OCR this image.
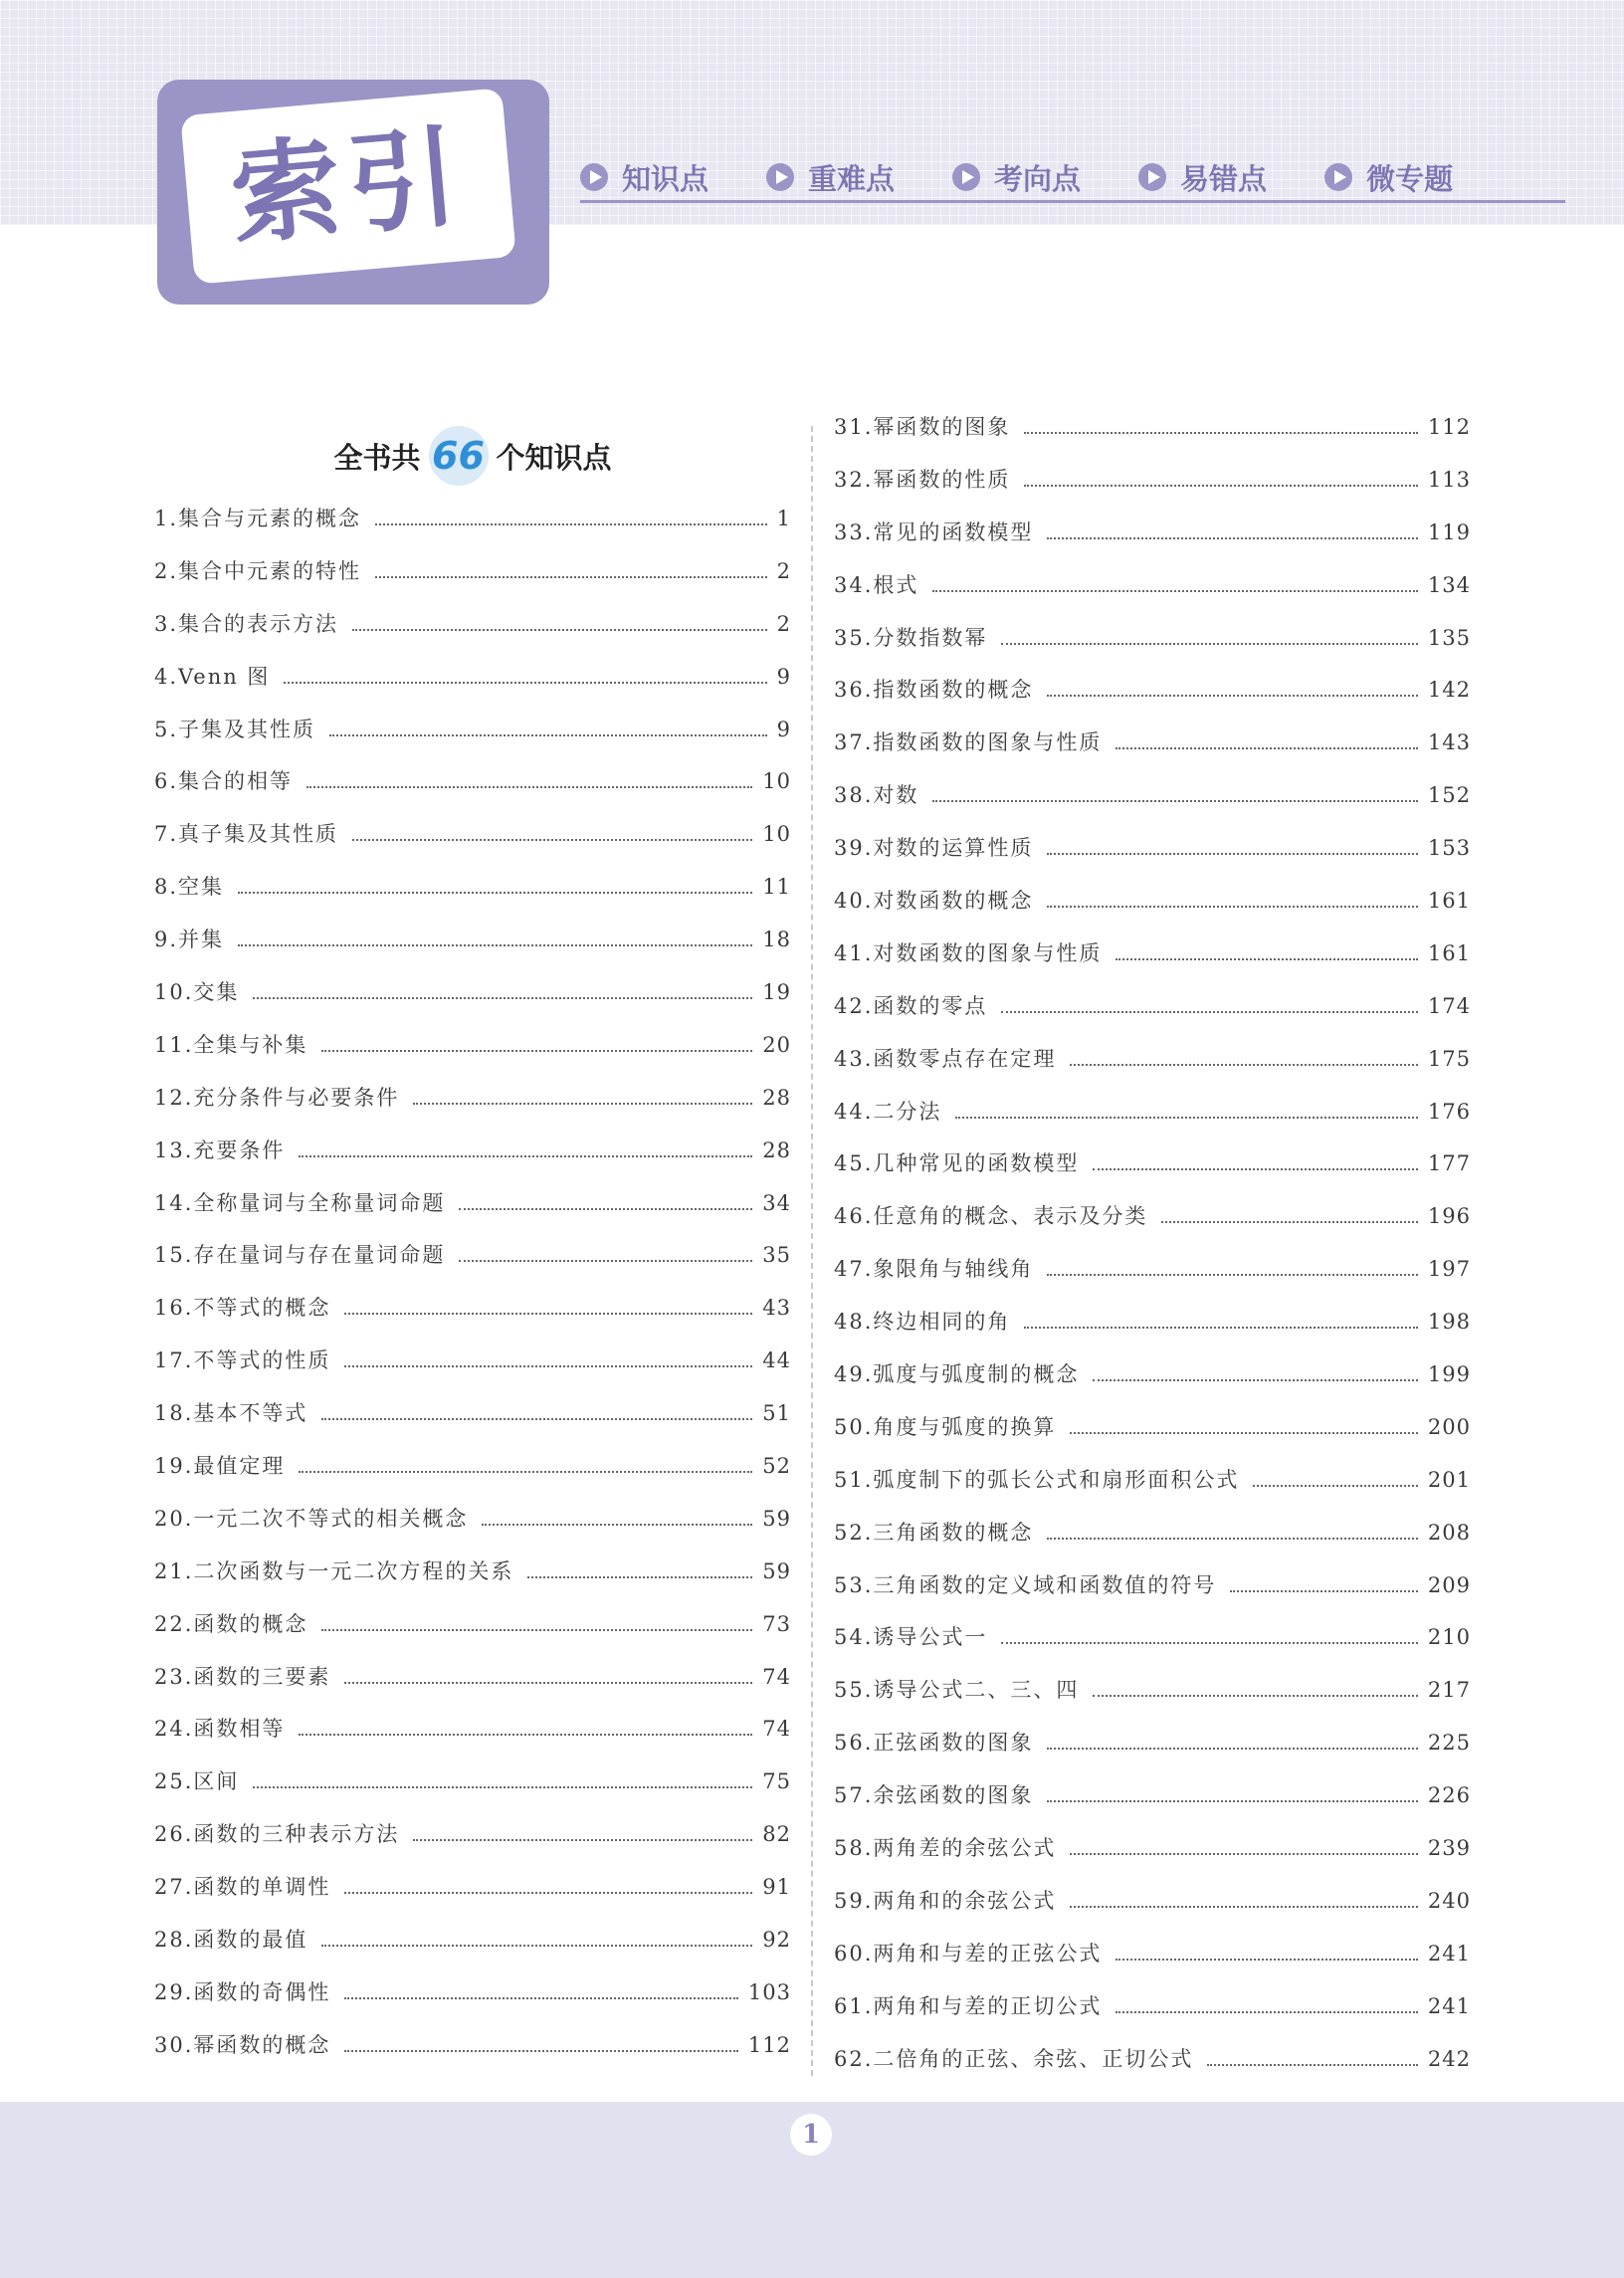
索引	知识点	重难点	考向点	易错点	微专题
全书共 66 个知识点
1.集合与元素的概念	1
2.集合中元素的特性	2
3.集合的表示方法	2
4.Venn 图	9
5.子集及其性质	9
6.集合的相等	10
7.真子集及其性质	10
8.空集	11
9.并集	18
10.交集	19
11.全集与补集	20
12.充分条件与必要条件	28
13.充要条件	28
14.全称量词与全称量词命题	34
15.存在量词与存在量词命题	35
16.不等式的概念	43
17.不等式的性质	44
18.基本不等式	51
19.最值定理	52
20.一元二次不等式的相关概念	59
21.二次函数与一元二次方程的关系	59
22.函数的概念	73
23.函数的三要素	74
24.函数相等	74
25.区间	75
26.函数的三种表示方法	82
27.函数的单调性	91
28.函数的最值	92
29.函数的奇偶性	103
30.幂函数的概念	112
31.幂函数的图象	112
32.幂函数的性质	113
33.常见的函数模型	119
34.根式	134
35.分数指数幂	135
36.指数函数的概念	142
37.指数函数的图象与性质	143
38.对数	152
39.对数的运算性质	153
40.对数函数的概念	161
41.对数函数的图象与性质	161
42.函数的零点	174
43.函数零点存在定理	175
44.二分法	176
45.几种常见的函数模型	177
46.任意角的概念、表示及分类	196
47.象限角与轴线角	197
48.终边相同的角	198
49.弧度与弧度制的概念	199
50.角度与弧度的换算	200
51.弧度制下的弧长公式和扇形面积公式	201
52.三角函数的概念	208
53.三角函数的定义域和函数值的符号	209
54.诱导公式一	210
55.诱导公式二、三、四	217
56.正弦函数的图象	225
57.余弦函数的图象	226
58.两角差的余弦公式	239
59.两角和的余弦公式	240
60.两角和与差的正弦公式	241
61.两角和与差的正切公式	241
62.二倍角的正弦、余弦、正切公式	242
1
